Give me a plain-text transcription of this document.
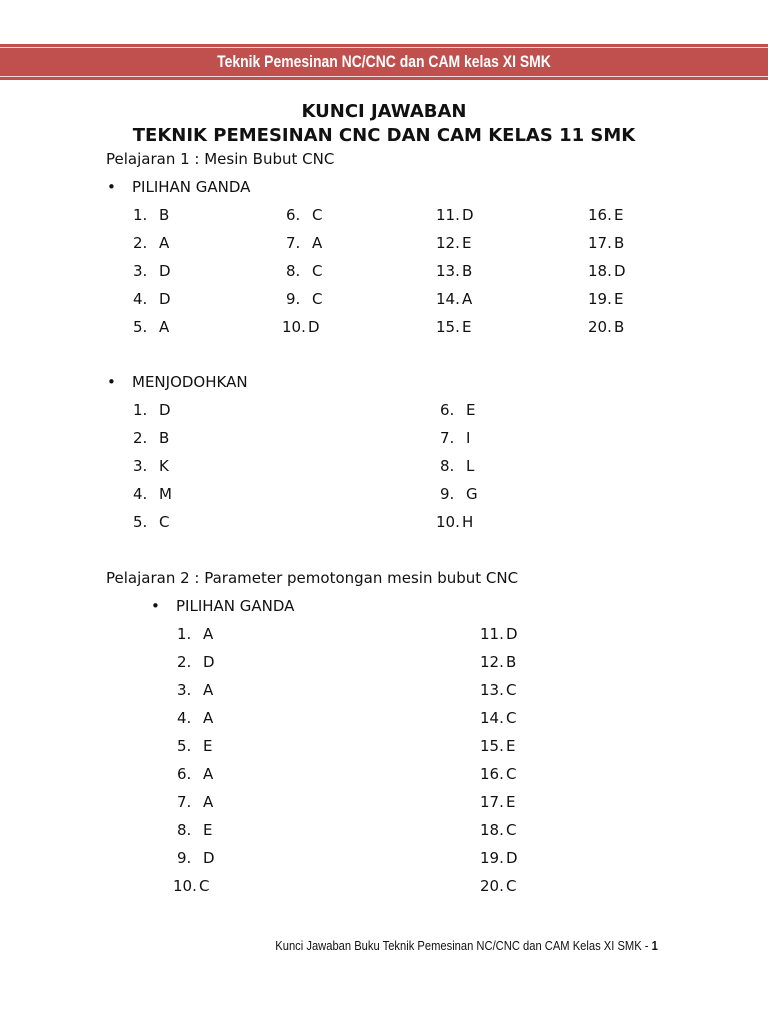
Teknik Pemesinan NC/CNC dan CAM kelas XI SMK
KUNCI JAWABAN
TEKNIK PEMESINAN CNC DAN CAM KELAS 11 SMK
Pelajaran 1 : Mesin Bubut CNC
• PILIHAN GANDA
1. B
2. A
3. D
4. D
5. A
6. C
7. A
8. C
9. C
10. D
11. D
12. E
13. B
14. A
15. E
16. E
17. B
18. D
19. E
20. B
• MENJODOHKAN
1. D
2. B
3. K
4. M
5. C
6. E
7. I
8. L
9. G
10. H
Pelajaran 2 : Parameter pemotongan mesin bubut CNC
• PILIHAN GANDA
1. A
2. D
3. A
4. A
5. E
6. A
7. A
8. E
9. D
10. C
11. D
12. B
13. C
14. C
15. E
16. C
17. E
18. C
19. D
20. C
Kunci Jawaban Buku Teknik Pemesinan NC/CNC dan CAM Kelas XI SMK - 1
